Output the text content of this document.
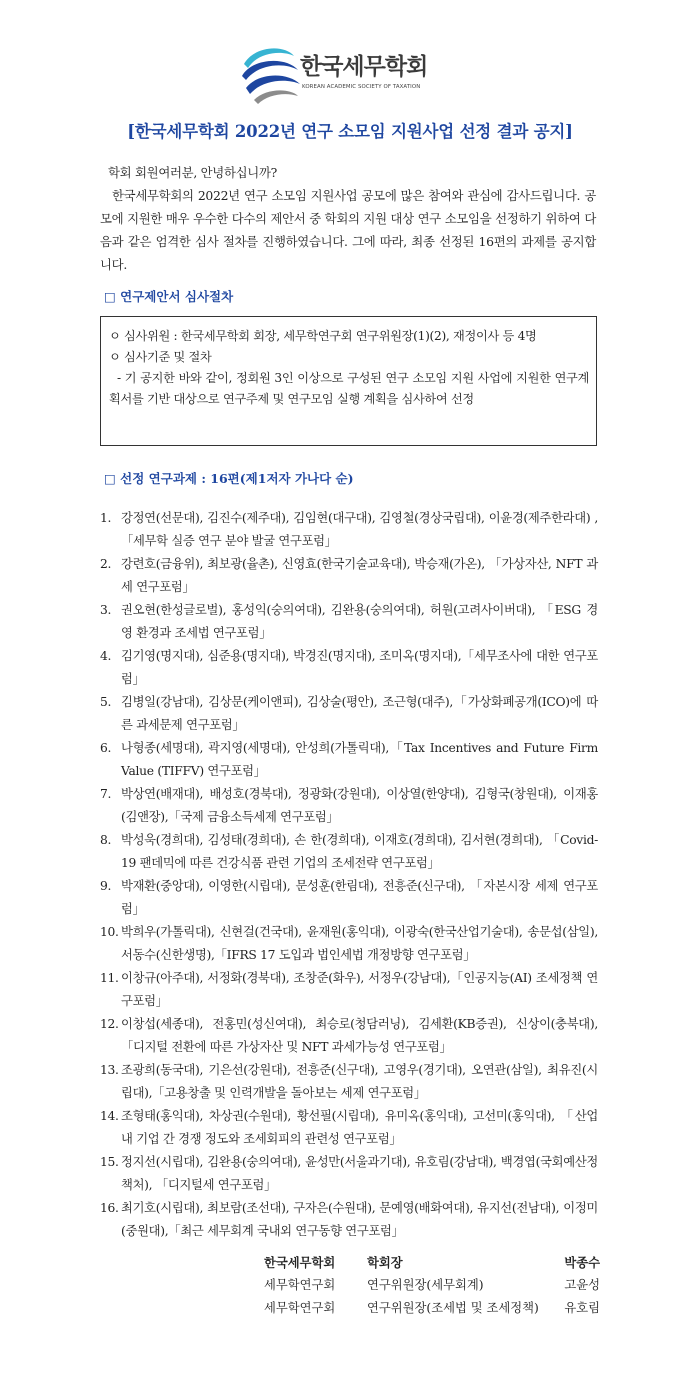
한국세무학회
KOREAN ACADEMIC SOCIETY OF TAXATION
[한국세무학회 2022년 연구 소모임 지원사업 선정 결과 공지]

학회 회원여러분, 안녕하십니까?

한국세무학회의 2022년 연구 소모임 지원사업 공모에 많은 참여와 관심에 감사드립니다. 공모에 지원한 매우 우수한 다수의 제안서 중 학회의 지원 대상 연구 소모임을 선정하기 위하여 다음과 같은 엄격한 심사 절차를 진행하였습니다. 그에 따라, 최종 선정된 16편의 과제를 공지합니다.

□ 연구제안서 심사절차
ㅇ 심사위원 : 한국세무학회 회장, 세무학연구회 연구위원장(1)(2), 재정이사 등 4명
ㅇ 심사기준 및 절차
- 기 공지한 바와 같이, 정회원 3인 이상으로 구성된 연구 소모임 지원 사업에 지원한 연구계획서를 기반 대상으로 연구주제 및 연구모임 실행 계획을 심사하여 선정
□ 선정 연구과제 : 16편(제1저자 가나다 순)
1. 강정연(선문대), 김진수(제주대), 김임현(대구대), 김영철(경상국립대), 이윤경(제주한라대) ,「세무학 실증 연구 분야 발굴 연구포럼」
2. 강련호(금융위), 최보광(율촌), 신영효(한국기술교육대), 박승재(가온), 「가상자산, NFT 과세 연구포럼」
3. 권오현(한성글로벌), 홍성익(숭의여대), 김완용(숭의여대), 허원(고려사이버대), 「ESG 경영 환경과 조세법 연구포럼」
4. 김기영(명지대), 심준용(명지대), 박경진(명지대), 조미옥(명지대),「세무조사에 대한 연구포럼」
5. 김병일(강남대), 김상문(케이앤피), 김상술(평안), 조근형(대주),「가상화폐공개(ICO)에 따른 과세문제 연구포럼」
6. 나형종(세명대), 곽지영(세명대), 안성희(가톨릭대),「Tax Incentives and Future Firm Value (TIFFV) 연구포럼」
7. 박상연(배재대), 배성호(경북대), 정광화(강원대), 이상열(한양대), 김형국(창원대), 이재홍(김앤장),「국제 금융소득세제 연구포럼」
8. 박성욱(경희대), 김성태(경희대), 손 한(경희대), 이재호(경희대), 김서현(경희대), 「Covid-19 팬데믹에 따른 건강식품 관련 기업의 조세전략 연구포럼」
9. 박재환(중앙대), 이영한(시립대), 문성훈(한림대), 전흥준(신구대), 「자본시장 세제 연구포럼」
10. 박희우(가톨릭대), 신현걸(건국대), 윤재원(홍익대), 이광숙(한국산업기술대), 송문섭(삼일), 서동수(신한생명),「IFRS 17 도입과 법인세법 개정방향 연구포럼」
11. 이창규(아주대), 서정화(경북대), 조창준(화우), 서정우(강남대),「인공지능(AI) 조세정책 연구포럼」
12. 이창섭(세종대), 전홍민(성신여대), 최승로(청담러닝), 김세환(KB증권), 신상이(충북대),「디지털 전환에 따른 가상자산 및 NFT 과세가능성 연구포럼」
13. 조광희(동국대), 기은선(강원대), 전흥준(신구대), 고영우(경기대), 오연관(삼일), 최유진(시립대),「고용창출 및 인력개발을 돌아보는 세제 연구포럼」
14. 조형태(홍익대), 차상권(수원대), 황선필(시립대), 유미옥(홍익대), 고선미(홍익대), 「산업 내 기업 간 경쟁 정도와 조세회피의 관련성 연구포럼」
15. 정지선(시립대), 김완용(숭의여대), 윤성만(서울과기대), 유호림(강남대), 백경엽(국회예산정책처), 「디지털세 연구포럼」
16. 최기호(시립대), 최보람(조선대), 구자은(수원대), 문예영(배화여대), 유지선(전남대), 이정미(중원대),「최근 세무회계 국내외 연구동향 연구포럼」
한국세무학회	학회장	박종수
세무학연구회	연구위원장(세무회계)	고윤성
세무학연구회	연구위원장(조세법 및 조세정책) 유호림
